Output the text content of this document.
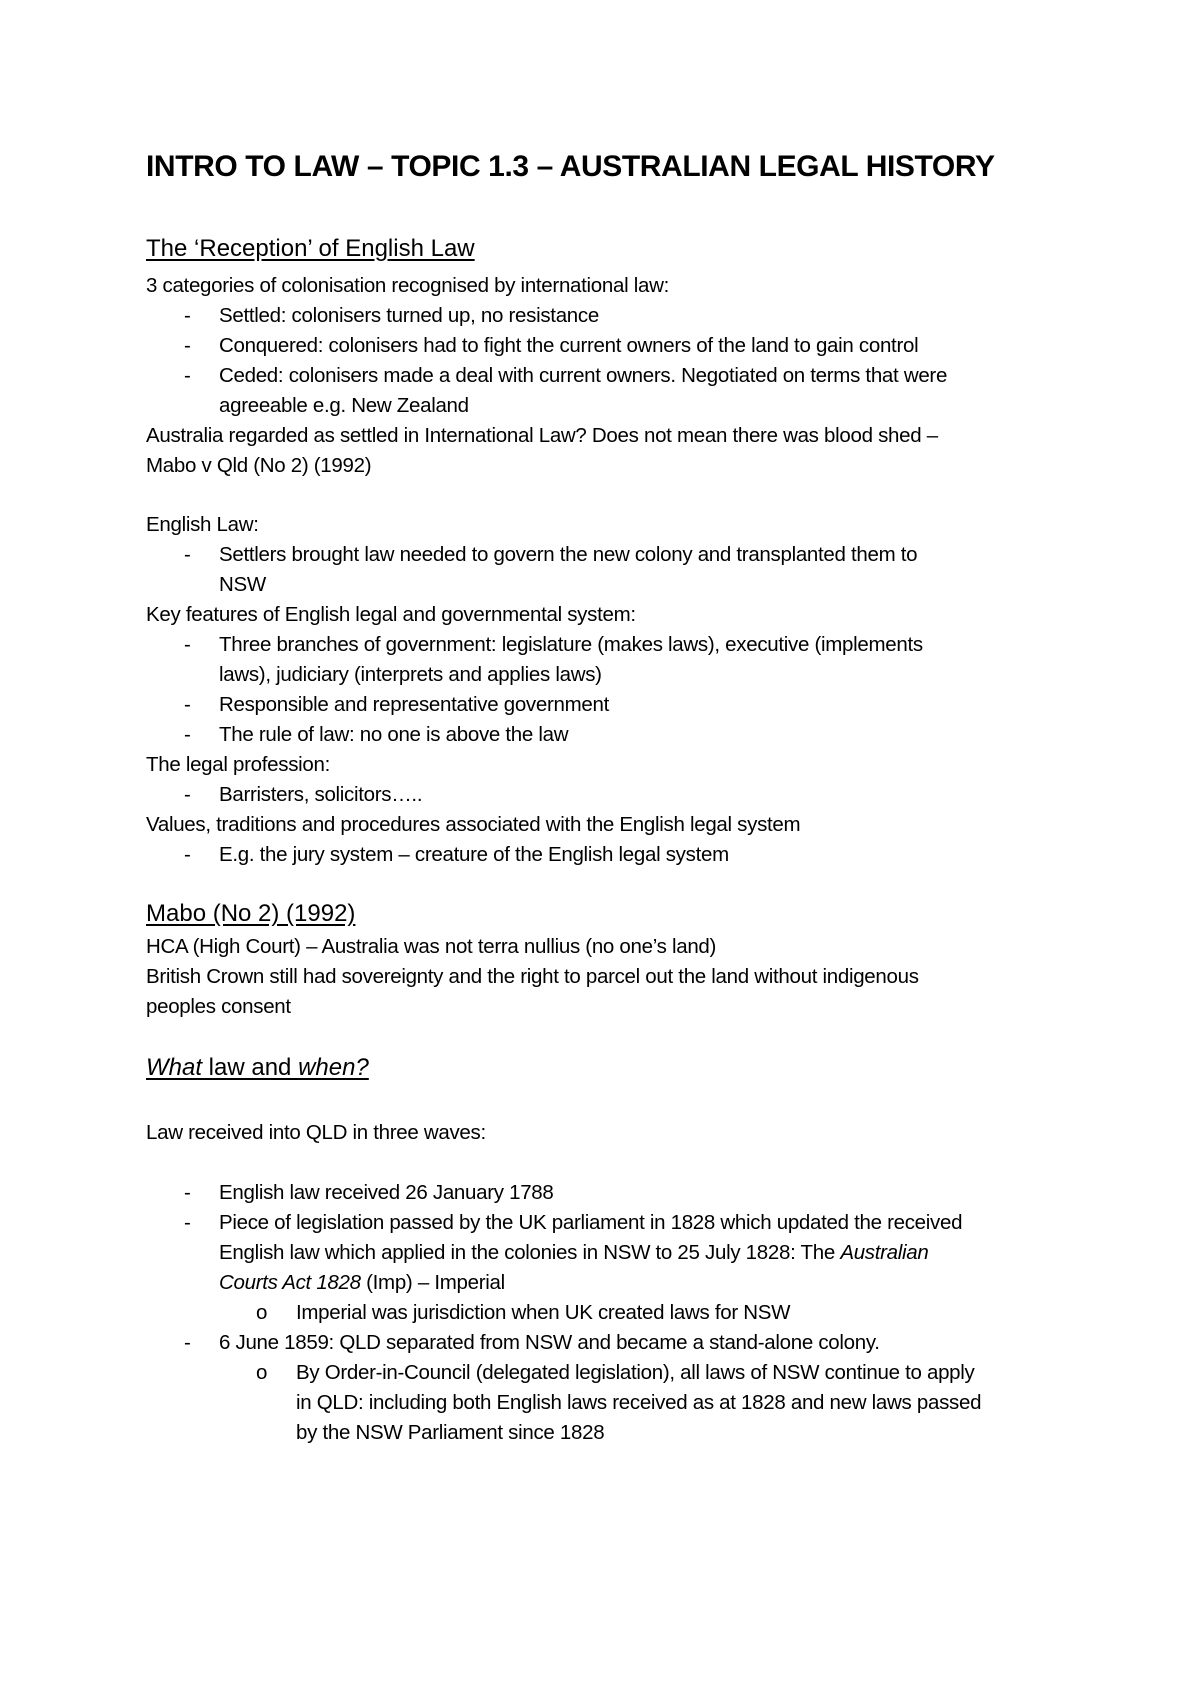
INTRO TO LAW – TOPIC 1.3 – AUSTRALIAN LEGAL HISTORY
The ‘Reception’ of English Law
3 categories of colonisation recognised by international law:
- Settled: colonisers turned up, no resistance
- Conquered: colonisers had to fight the current owners of the land to gain control
- Ceded: colonisers made a deal with current owners. Negotiated on terms that were
agreeable e.g. New Zealand
Australia regarded as settled in International Law? Does not mean there was blood shed –
Mabo v Qld (No 2) (1992)
English Law:
- Settlers brought law needed to govern the new colony and transplanted them to
NSW
Key features of English legal and governmental system:
- Three branches of government: legislature (makes laws), executive (implements
laws), judiciary (interprets and applies laws)
- Responsible and representative government
- The rule of law: no one is above the law
The legal profession:
- Barristers, solicitors…..
Values, traditions and procedures associated with the English legal system
- E.g. the jury system – creature of the English legal system
Mabo (No 2) (1992)
HCA (High Court) – Australia was not terra nullius (no one’s land)
British Crown still had sovereignty and the right to parcel out the land without indigenous
peoples consent
What law and when?
Law received into QLD in three waves:
- English law received 26 January 1788
- Piece of legislation passed by the UK parliament in 1828 which updated the received
English law which applied in the colonies in NSW to 25 July 1828: The Australian
Courts Act 1828 (Imp) – Imperial
o Imperial was jurisdiction when UK created laws for NSW
- 6 June 1859: QLD separated from NSW and became a stand-alone colony.
o By Order-in-Council (delegated legislation), all laws of NSW continue to apply
in QLD: including both English laws received as at 1828 and new laws passed
by the NSW Parliament since 1828
